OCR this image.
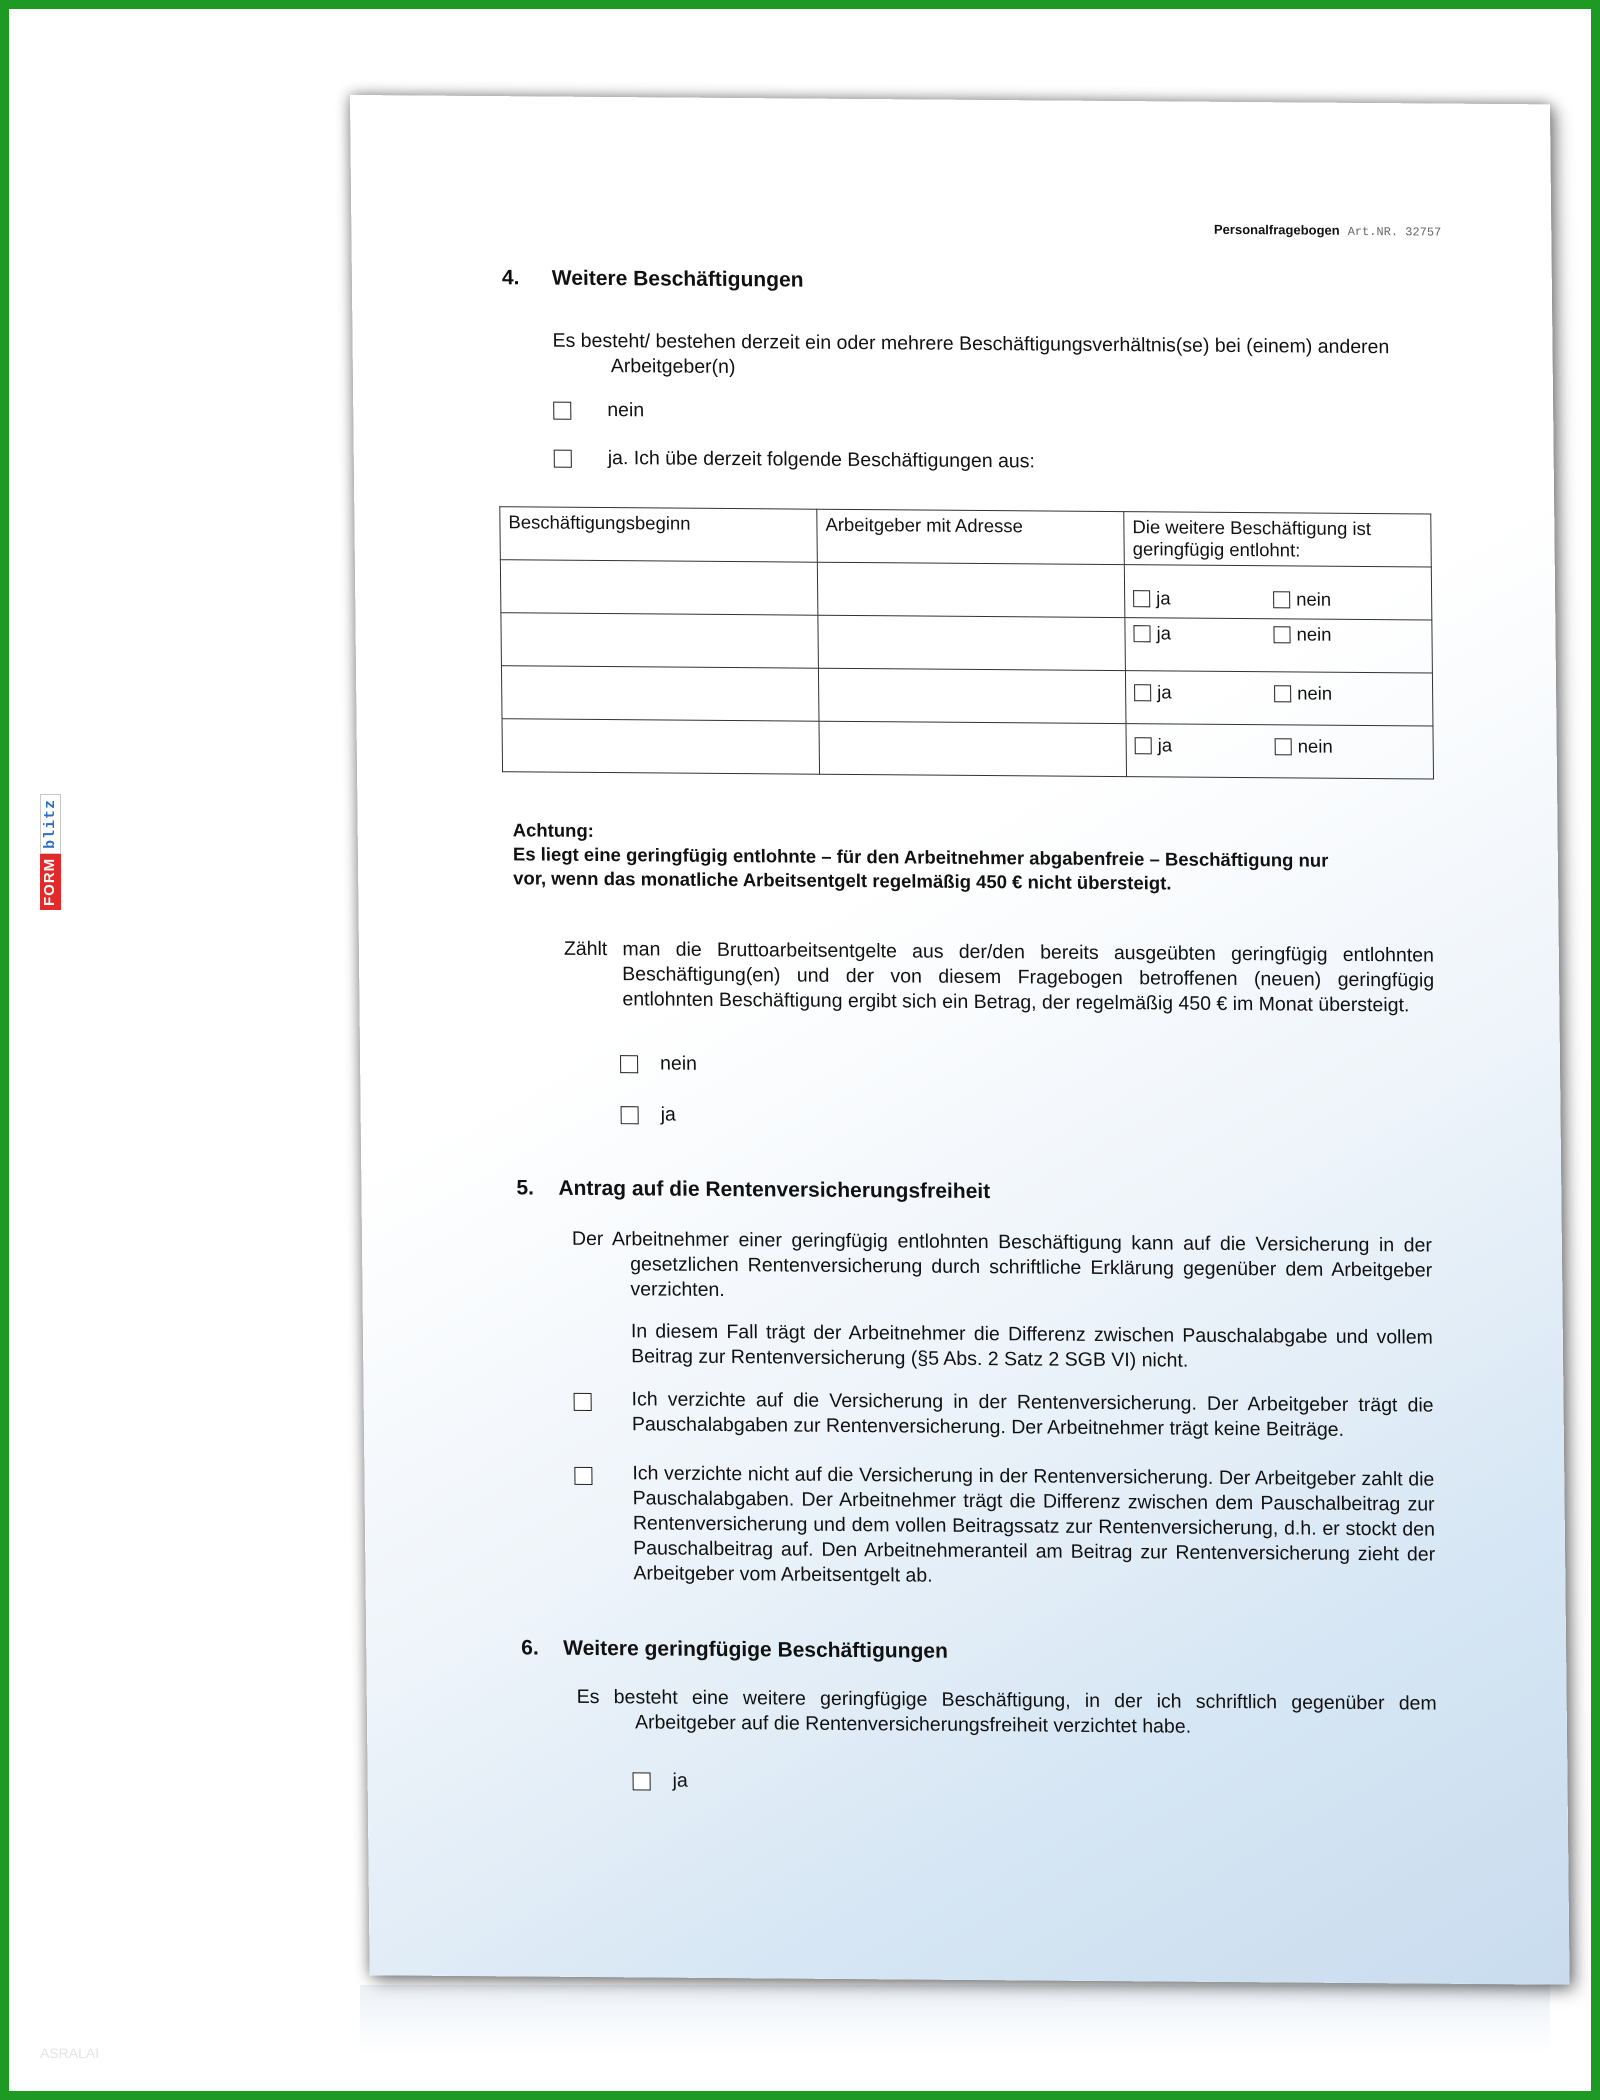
ASRALAI
FORM
blitz
Personalfragebogen Art.NR. 32757
4. Weitere Beschäftigungen
Es besteht/ bestehen derzeit ein oder mehrere Beschäftigungsverhältnis(se) bei (einem) anderen
Arbeitgeber(n)
nein
ja. Ich übe derzeit folgende Beschäftigungen aus:
Beschäftigungsbeginn	Arbeitgeber mit Adresse	Die weitere Beschäftigung ist geringfügig entlohnt:

		ja nein

		ja nein

		ja nein

		ja nein
Achtung:
Es liegt eine geringfügig entlohnte – für den Arbeitnehmer abgabenfreie – Beschäftigung nur
vor, wenn das monatliche Arbeitsentgelt regelmäßig 450 € nicht übersteigt.
Zählt man die Bruttoarbeitsentgelte aus der/den bereits ausgeübten geringfügig entlohnten Beschäftigung(en) und der von diesem Fragebogen betroffenen (neuen) geringfügig entlohnten Beschäftigung ergibt sich ein Betrag, der regelmäßig 450 € im Monat übersteigt.
nein
ja
5. Antrag auf die Rentenversicherungsfreiheit
Der Arbeitnehmer einer geringfügig entlohnten Beschäftigung kann auf die Versicherung in der gesetzlichen Rentenversicherung durch schriftliche Erklärung gegenüber dem Arbeitgeber verzichten.
In diesem Fall trägt der Arbeitnehmer die Differenz zwischen Pauschalabgabe und vollem Beitrag zur Rentenversicherung (§5 Abs. 2 Satz 2 SGB VI) nicht.
Ich verzichte auf die Versicherung in der Rentenversicherung. Der Arbeitgeber trägt die Pauschalabgaben zur Rentenversicherung. Der Arbeitnehmer trägt keine Beiträge.
Ich verzichte nicht auf die Versicherung in der Rentenversicherung. Der Arbeitgeber zahlt die Pauschalabgaben. Der Arbeitnehmer trägt die Differenz zwischen dem Pauschalbeitrag zur Rentenversicherung und dem vollen Beitragssatz zur Rentenversicherung, d.h. er stockt den Pauschalbeitrag auf. Den Arbeitnehmeranteil am Beitrag zur Rentenversicherung zieht der Arbeitgeber vom Arbeitsentgelt ab.
6. Weitere geringfügige Beschäftigungen
Es besteht eine weitere geringfügige Beschäftigung, in der ich schriftlich gegenüber dem Arbeitgeber auf die Rentenversicherungsfreiheit verzichtet habe.
ja
